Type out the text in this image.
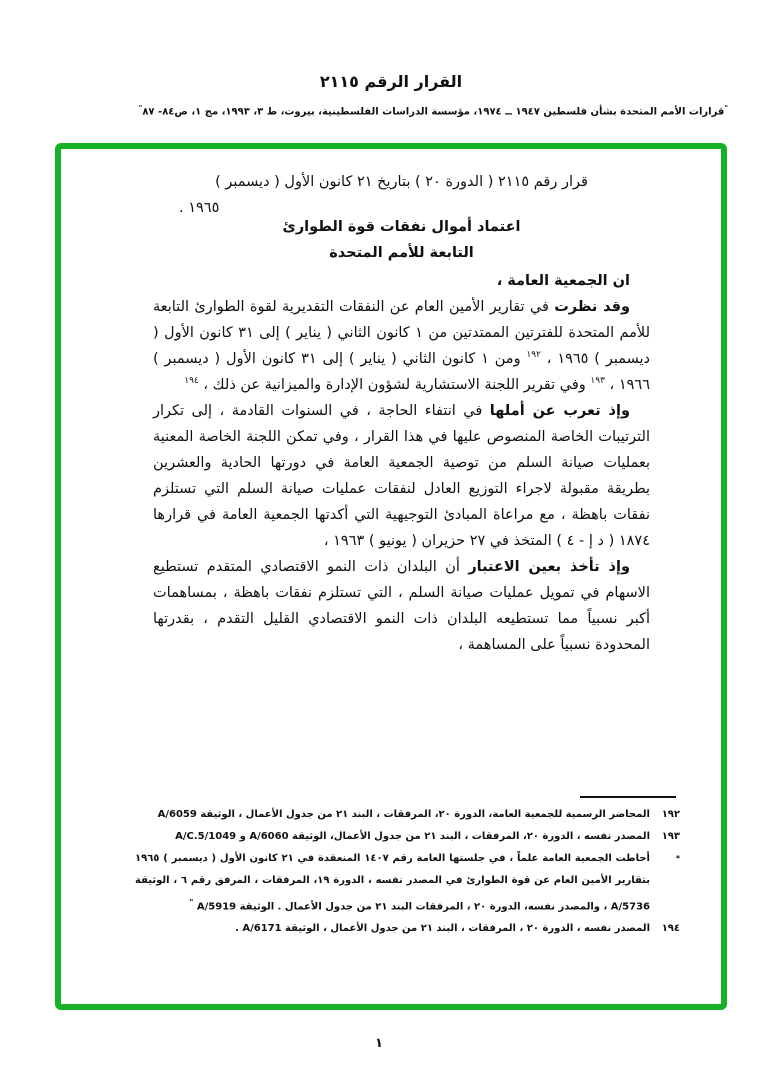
القرار الرقم ٢١١٥
"قرارات الأمم المتحدة بشأن فلسطين ١٩٤٧ ــ ١٩٧٤، مؤسسة الدراسات الفلسطينية، بيروت، ط ٣، ١٩٩٣، مج ١، ص٨٤- ٨٧"
قرار رقم ٢١١٥ ( الدورة ٢٠ ) بتاريخ ٢١ كانون الأول ( ديسمبر )
١٩٦٥ .
اعتماد أموال نفقات قوة الطوارئ
التابعة للأمم المتحدة

ان الجمعية العامة ،

وقد نظرت في تقارير الأمين العام عن النفقات التقديرية لقوة الطوارئ التابعة للأمم المتحدة للفترتين الممتدتين من ١ كانون الثاني ( يناير ) إلى ٣١ كانون الأول ( ديسمبر ) ١٩٦٥ ، $^{١٩٢}$ ومن ١ كانون الثاني ( يناير ) إلى ٣١ كانون الأول ( ديسمبر ) ١٩٦٦ ، $^{١٩٣}$ وفي تقرير اللجنة الاستشارية لشؤون الإدارة والميزانية عن ذلك ، $^{١٩٤}$

وإذ تعرب عن أملها في انتفاء الحاجة ، في السنوات القادمة ، إلى تكرار الترتيبات الخاصة المنصوص عليها في هذا القرار ، وفي تمكن اللجنة الخاصة المعنية بعمليات صيانة السلم من توصية الجمعية العامة في دورتها الحادية والعشرين بطريقة مقبولة لاجراء التوزيع العادل لنفقات عمليات صيانة السلم التي تستلزم نفقات باهظة ، مع مراعاة المبادئ التوجيهية التي أكدتها الجمعية العامة في قرارها ١٨٧٤ ( د إ - ٤ ) المتخذ في ٢٧ حزيران ( يونيو ) ١٩٦٣ ،

وإذ تأخذ بعين الاعتبار أن البلدان ذات النمو الاقتصادي المتقدم تستطيع الاسهام في تمويل عمليات صيانة السلم ، التي تستلزم نفقات باهظة ، بمساهمات أكبر نسبياً مما تستطيعه البلدان ذات النمو الاقتصادي القليل التقدم ، بقدرتها المحدودة نسبياً على المساهمة ،

١٩٢
المحاضر الرسمية للجمعية العامة، الدورة ٢٠، المرفقات ، البند ٢١ من جدول الأعمال ، الوثيقة A/6059
١٩٣
المصدر نفسه ، الدورة ٢٠، المرفقات ، البند ٢١ من جدول الأعمال، الوثيقة A/6060 و A/C.5/1049
*
أحاطت الجمعية العامة علماً ، في جلستها العامة رقم ١٤٠٧ المنعقدة في ٢١ كانون الأول ( ديسمبر ) ١٩٦٥ بتقارير الأمين العام عن قوة الطوارئ في المصدر نفسه ، الدورة ١٩، المرفقات ، المرفق رقم ٦ ، الوثيقة A/5736 ، والمصدر نفسه، الدورة ٢٠ ، المرفقات البند ٢١ من جدول الأعمال . الوثيقة A/5919 "
١٩٤
المصدر نفسه ، الدورة ٢٠ ، المرفقات ، البند ٢١ من جدول الأعمال ، الوثيقة A/6171 .
١
